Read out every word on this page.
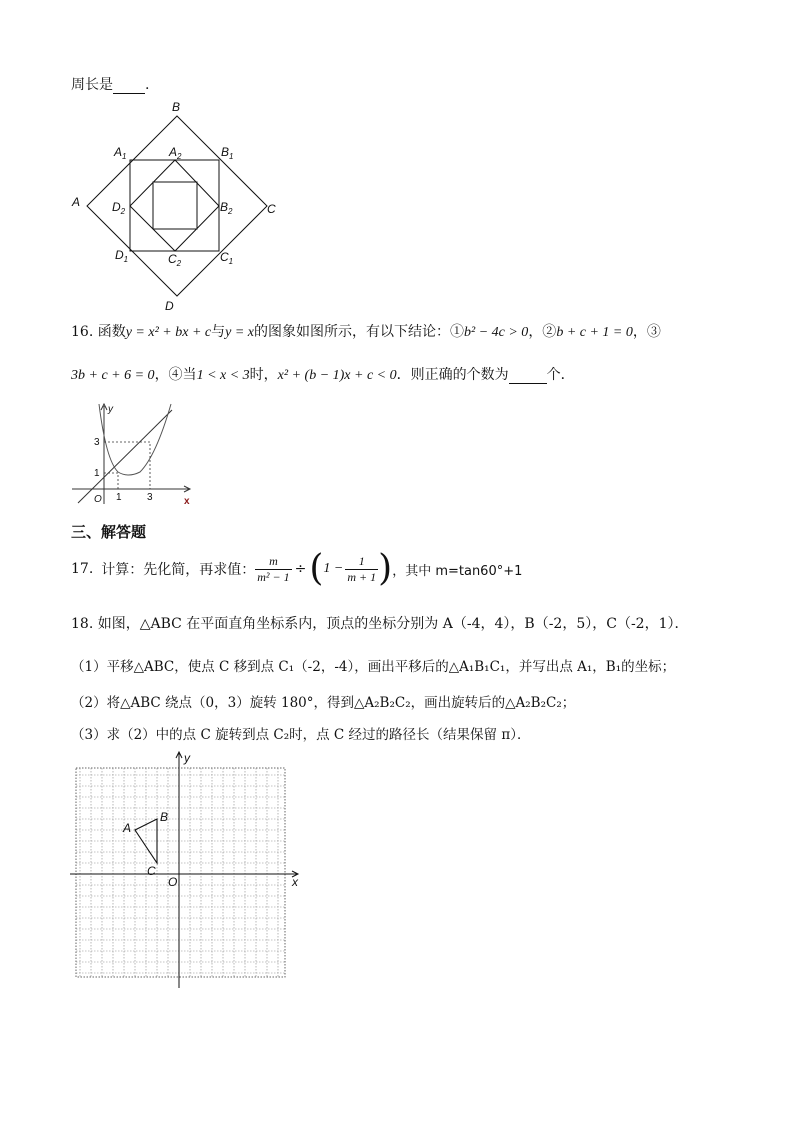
周长是 .
B
$A_1$	$A_2$	$B_1$
A	$D_2$	$B_2$	C
$D_1$	$C_2$	$C_1$
D
16. 函数y = x² + bx + c与y = x的图象如图所示，有以下结论：①b² − 4c > 0，②b + c + 1 = 0，③
3b + c + 6 = 0，④当1 < x < 3时，x² + (b − 1)x + c < 0．则正确的个数为	个．
y
x
O 1	3
1
3
三、解答题
17. 计算：先化简，再求值： $\frac{m}{\text{m² − 1}}$ ÷ ( $1 - \frac{1}{m + 1}$ ) ，其中 m=tan60°+1
18. 如图，△ABC 在平面直角坐标系内，顶点的坐标分别为 A（-4，4），B（-2，5），C（-2，1）．
（1）平移△ABC，使点 C 移到点 C₁（-2，-4），画出平移后的△A₁B₁C₁，并写出点 A₁，B₁的坐标；
（2）将△ABC 绕点（0，3）旋转 180°，得到△A₂B₂C₂，画出旋转后的△A₂B₂C₂；
（3）求（2）中的点 C 旋转到点 C₂时，点 C 经过的路径长（结果保留 π）．
y
x
O
A
B
C
